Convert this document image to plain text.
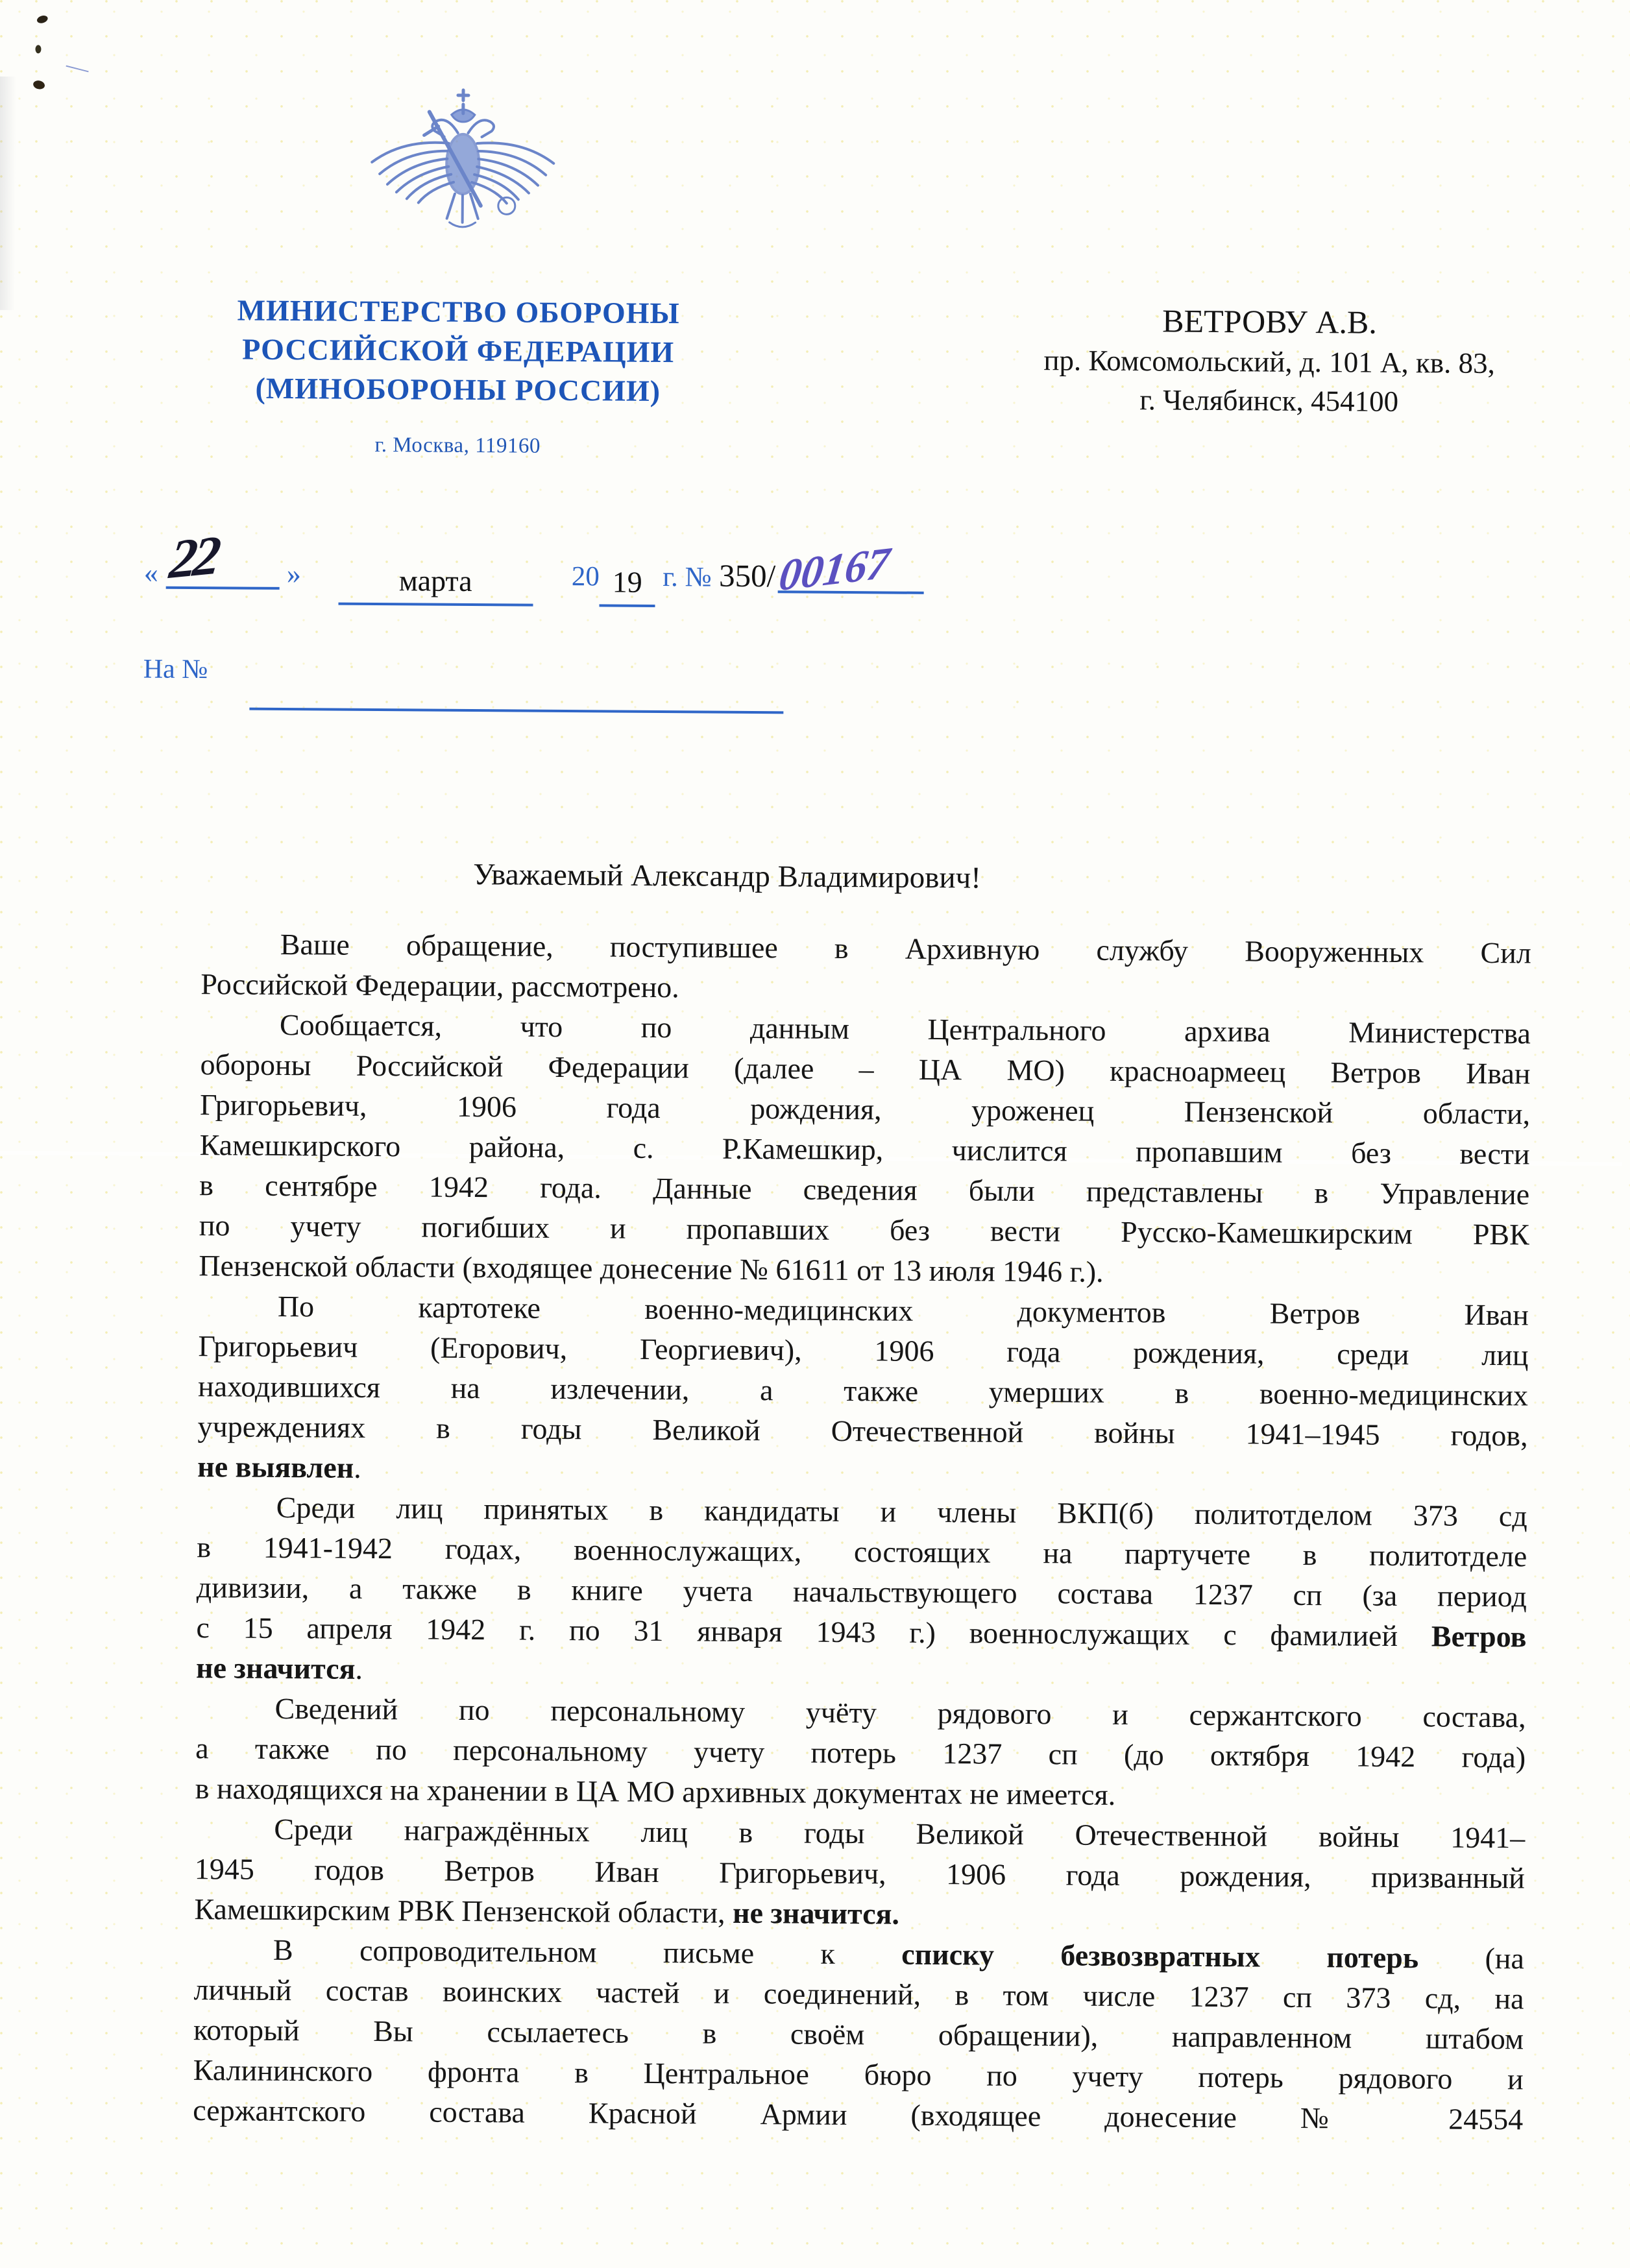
МИНИСТЕРСТВО ОБОРОНЫ
РОССИЙСКОЙ ФЕДЕРАЦИИ
(МИНОБОРОНЫ РОССИИ)
г. Москва, 119160
ВЕТРОВУ А.В.
пр. Комсомольский, д. 101 А, кв. 83,
г. Челябинск, 454100
« 22 »	марта	20 19 г. № 350/ 00167
На №
Уважаемый Александр Владимирович!
Ваше обращение, поступившее в Архивную службу Вооруженных Сил
Российской Федерации, рассмотрено.
Сообщается, что по данным Центрального архива Министерства
обороны Российской Федерации (далее – ЦА МО) красноармеец Ветров Иван
Григорьевич, 1906 года рождения, уроженец Пензенской области,
Камешкирского района, с. Р.Камешкир, числится пропавшим без вести
в сентябре 1942 года. Данные сведения были представлены в Управление
по учету погибших и пропавших без вести Русско-Камешкирским РВК
Пензенской области (входящее донесение № 61611 от 13 июля 1946 г.).
По картотеке военно-медицинских документов Ветров Иван
Григорьевич (Егорович, Георгиевич), 1906 года рождения, среди лиц
находившихся на излечении, а также умерших в военно-медицинских
учреждениях в годы Великой Отечественной войны 1941–1945 годов,
не выявлен.
Среди лиц принятых в кандидаты и члены ВКП(б) политотделом 373 сд
в 1941-1942 годах, военнослужащих, состоящих на партучете в политотделе
дивизии, а также в книге учета начальствующего состава 1237 сп (за период
с 15 апреля 1942 г. по 31 января 1943 г.) военнослужащих с фамилией Ветров
не значится.
Сведений по персональному учёту рядового и сержантского состава,
а также по персональному учету потерь 1237 сп (до октября 1942 года)
в находящихся на хранении в ЦА МО архивных документах не имеется.
Среди награждённых лиц в годы Великой Отечественной войны 1941–
1945 годов Ветров Иван Григорьевич, 1906 года рождения, призванный
Камешкирским РВК Пензенской области, не значится.
В сопроводительном письме к списку безвозвратных потерь (на
личный состав воинских частей и соединений, в том числе 1237 сп 373 сд, на
который Вы ссылаетесь в своём обращении), направленном штабом
Калининского фронта в Центральное бюро по учету потерь рядового и
сержантского состава Красной Армии (входящее донесение № 24554
